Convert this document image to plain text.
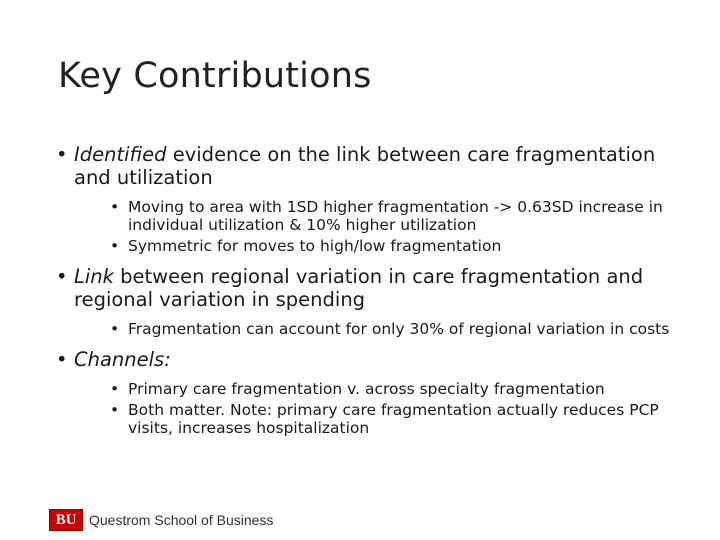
Key Contributions
• Identified evidence on the link between care fragmentation and utilization
• Moving to area with 1SD higher fragmentation -> 0.63SD increase in individual utilization & 10% higher utilization
• Symmetric for moves to high/low fragmentation
• Link between regional variation in care fragmentation and regional variation in spending
• Fragmentation can account for only 30% of regional variation in costs
• Channels:
• Primary care fragmentation v. across specialty fragmentation
• Both matter. Note: primary care fragmentation actually reduces PCP visits, increases hospitalization
BU Questrom School of Business
